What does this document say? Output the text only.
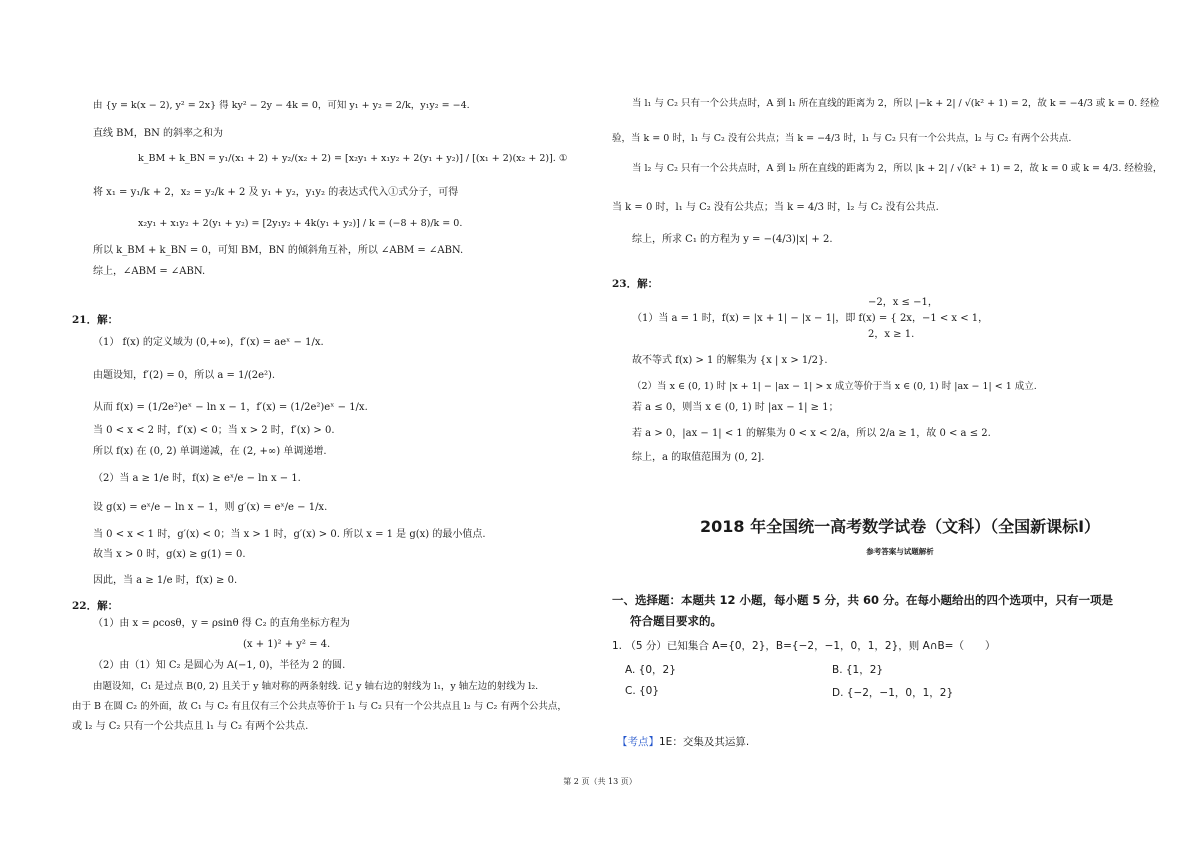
由 {y = k(x − 2), y² = 2x} 得 ky² − 2y − 4k = 0，可知 y₁ + y₂ = 2/k，y₁y₂ = −4.
直线 BM，BN 的斜率之和为
k_BM + k_BN = y₁/(x₁ + 2) + y₂/(x₂ + 2) = [x₂y₁ + x₁y₂ + 2(y₁ + y₂)] / [(x₁ + 2)(x₂ + 2)]. ①
将 x₁ = y₁/k + 2，x₂ = y₂/k + 2 及 y₁ + y₂，y₁y₂ 的表达式代入①式分子，可得
x₂y₁ + x₁y₂ + 2(y₁ + y₂) = [2y₁y₂ + 4k(y₁ + y₂)] / k = (−8 + 8)/k = 0.
所以 k_BM + k_BN = 0，可知 BM，BN 的倾斜角互补，所以 ∠ABM = ∠ABN.
综上，∠ABM = ∠ABN.
21．解：
（1） f(x) 的定义域为 (0,+∞)，f′(x) = aeˣ − 1/x.
由题设知，f′(2) = 0，所以 a = 1/(2e²).
从而 f(x) = (1/2e²)eˣ − ln x − 1，f′(x) = (1/2e²)eˣ − 1/x.
当 0 < x < 2 时，f′(x) < 0；当 x > 2 时，f′(x) > 0.
所以 f(x) 在 (0, 2) 单调递减，在 (2, +∞) 单调递增.
（2）当 a ≥ 1/e 时，f(x) ≥ eˣ/e − ln x − 1.
设 g(x) = eˣ/e − ln x − 1，则 g′(x) = eˣ/e − 1/x.
当 0 < x < 1 时，g′(x) < 0；当 x > 1 时，g′(x) > 0. 所以 x = 1 是 g(x) 的最小值点.
故当 x > 0 时，g(x) ≥ g(1) = 0.
因此，当 a ≥ 1/e 时，f(x) ≥ 0.
22．解：
（1）由 x = ρcosθ，y = ρsinθ 得 C₂ 的直角坐标方程为
(x + 1)² + y² = 4.
（2）由（1）知 C₂ 是圆心为 A(−1, 0)，半径为 2 的圆.
由题设知，C₁ 是过点 B(0, 2) 且关于 y 轴对称的两条射线. 记 y 轴右边的射线为 l₁，y 轴左边的射线为 l₂.
由于 B 在圆 C₂ 的外面，故 C₁ 与 C₂ 有且仅有三个公共点等价于 l₁ 与 C₂ 只有一个公共点且 l₂ 与 C₂ 有两个公共点，
或 l₂ 与 C₂ 只有一个公共点且 l₁ 与 C₂ 有两个公共点.
当 l₁ 与 C₂ 只有一个公共点时，A 到 l₁ 所在直线的距离为 2，所以 |−k + 2| / √(k² + 1) = 2，故 k = −4/3 或 k = 0. 经检
验，当 k = 0 时，l₁ 与 C₂ 没有公共点；当 k = −4/3 时，l₁ 与 C₂ 只有一个公共点，l₂ 与 C₂ 有两个公共点.
当 l₂ 与 C₂ 只有一个公共点时，A 到 l₂ 所在直线的距离为 2，所以 |k + 2| / √(k² + 1) = 2，故 k = 0 或 k = 4/3. 经检验，
当 k = 0 时，l₁ 与 C₂ 没有公共点；当 k = 4/3 时，l₂ 与 C₂ 没有公共点.
综上，所求 C₁ 的方程为 y = −(4/3)|x| + 2.
23．解：
−2，x ≤ −1，
（1）当 a = 1 时，f(x) = |x + 1| − |x − 1|，即 f(x) = { 2x，−1 < x < 1，
2，x ≥ 1.
故不等式 f(x) > 1 的解集为 {x | x > 1/2}.
（2）当 x ∈ (0, 1) 时 |x + 1| − |ax − 1| > x 成立等价于当 x ∈ (0, 1) 时 |ax − 1| < 1 成立.
若 a ≤ 0，则当 x ∈ (0, 1) 时 |ax − 1| ≥ 1；
若 a > 0，|ax − 1| < 1 的解集为 0 < x < 2/a，所以 2/a ≥ 1，故 0 < a ≤ 2.
综上，a 的取值范围为 (0, 2].
2018 年全国统一高考数学试卷（文科）（全国新课标Ⅰ）
参考答案与试题解析
一、选择题：本题共 12 小题，每小题 5 分，共 60 分。在每小题给出的四个选项中，只有一项是
符合题目要求的。
1. （5 分）已知集合 A={0，2}，B={−2，−1，0，1，2}，则 A∩B=（　　）
A. {0，2}	B. {1，2}
C. {0}	D. {−2，−1，0，1，2}
【考点】1E：交集及其运算.
第 2 页（共 13 页）
